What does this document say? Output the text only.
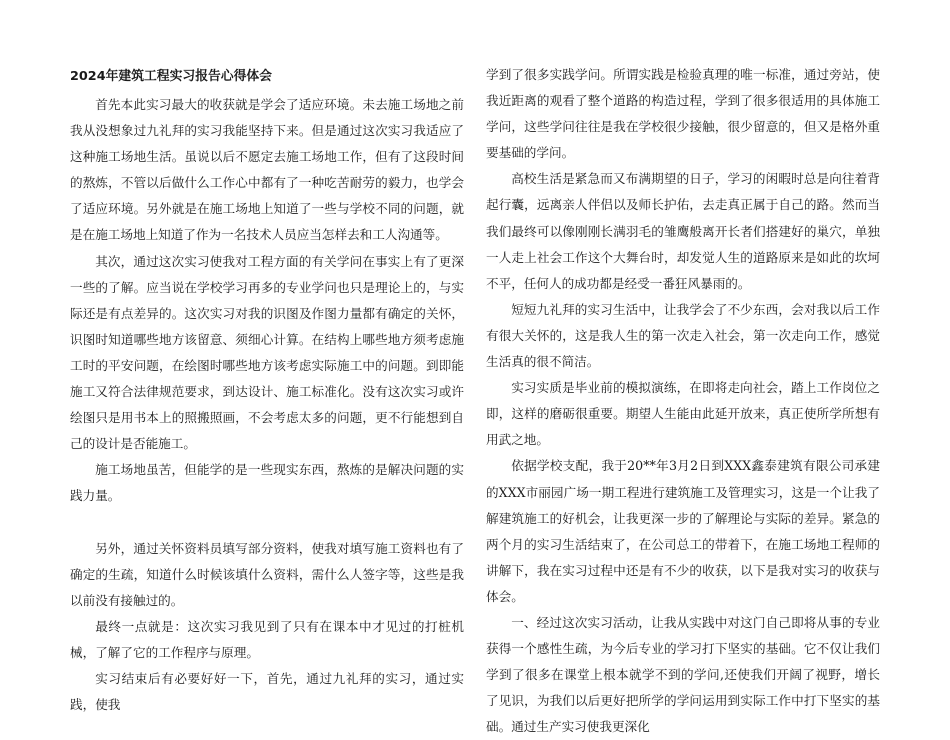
2024年建筑工程实习报告心得体会

首先本此实习最大的收获就是学会了适应环境。未去施工场地之前我从没想象过九礼拜的实习我能坚持下来。但是通过这次实习我适应了这种施工场地生活。虽说以后不愿定去施工场地工作，但有了这段时间的熬炼，不管以后做什么工作心中都有了一种吃苦耐劳的毅力，也学会了适应环境。另外就是在施工场地上知道了一些与学校不同的问题，就是在施工场地上知道了作为一名技术人员应当怎样去和工人沟通等。

其次，通过这次实习使我对工程方面的有关学问在事实上有了更深一些的了解。应当说在学校学习再多的专业学问也只是理论上的，与实际还是有点差异的。这次实习对我的识图及作图力量都有确定的关怀，识图时知道哪些地方该留意、须细心计算。在结构上哪些地方须考虑施工时的平安问题，在绘图时哪些地方该考虑实际施工中的问题。到即能施工又符合法律规范要求，到达设计、施工标准化。没有这次实习或许绘图只是用书本上的照搬照画，不会考虑太多的问题，更不行能想到自己的设计是否能施工。

施工场地虽苦，但能学的是一些现实东西，熬炼的是解决问题的实践力量。

另外，通过关怀资料员填写部分资料，使我对填写施工资料也有了确定的生疏，知道什么时候该填什么资料，需什么人签字等，这些是我以前没有接触过的。

最终一点就是：这次实习我见到了只有在课本中才见过的打桩机械，了解了它的工作程序与原理。

实习结束后有必要好好一下，首先，通过九礼拜的实习，通过实践，使我

学到了很多实践学问。所谓实践是检验真理的唯一标准，通过旁站，使我近距离的观看了整个道路的构造过程，学到了很多很适用的具体施工学问，这些学问往往是我在学校很少接触，很少留意的，但又是格外重要基础的学问。

高校生活是紧急而又布满期望的日子，学习的闲暇时总是向往着背起行囊，远离亲人伴侣以及师长护佑，去走真正属于自己的路。然而当我们最终可以像刚刚长满羽毛的雏鹰般离开长者们搭建好的巢穴，单独一人走上社会工作这个大舞台时，却发觉人生的道路原来是如此的坎坷不平，任何人的成功都是经受一番狂风暴雨的。

短短九礼拜的实习生活中，让我学会了不少东西，会对我以后工作有很大关怀的，这是我人生的第一次走入社会，第一次走向工作，感觉生活真的很不简洁。

实习实质是毕业前的模拟演练，在即将走向社会，踏上工作岗位之即，这样的磨砺很重要。期望人生能由此延开放来，真正使所学所想有用武之地。

依据学校支配，我于20**年3月2日到XXX鑫泰建筑有限公司承建的XXX市丽园广场一期工程进行建筑施工及管理实习，这是一个让我了解建筑施工的好机会，让我更深一步的了解理论与实际的差异。紧急的两个月的实习生活结束了，在公司总工的带着下，在施工场地工程师的讲解下，我在实习过程中还是有不少的收获，以下是我对实习的收获与体会。

一、经过这次实习活动，让我从实践中对这门自己即将从事的专业获得一个感性生疏，为今后专业的学习打下坚实的基础。它不仅让我们学到了很多在课堂上根本就学不到的学问,还使我们开阔了视野，增长了见识，为我们以后更好把所学的学问运用到实际工作中打下坚实的基础。通过生产实习使我更深化
